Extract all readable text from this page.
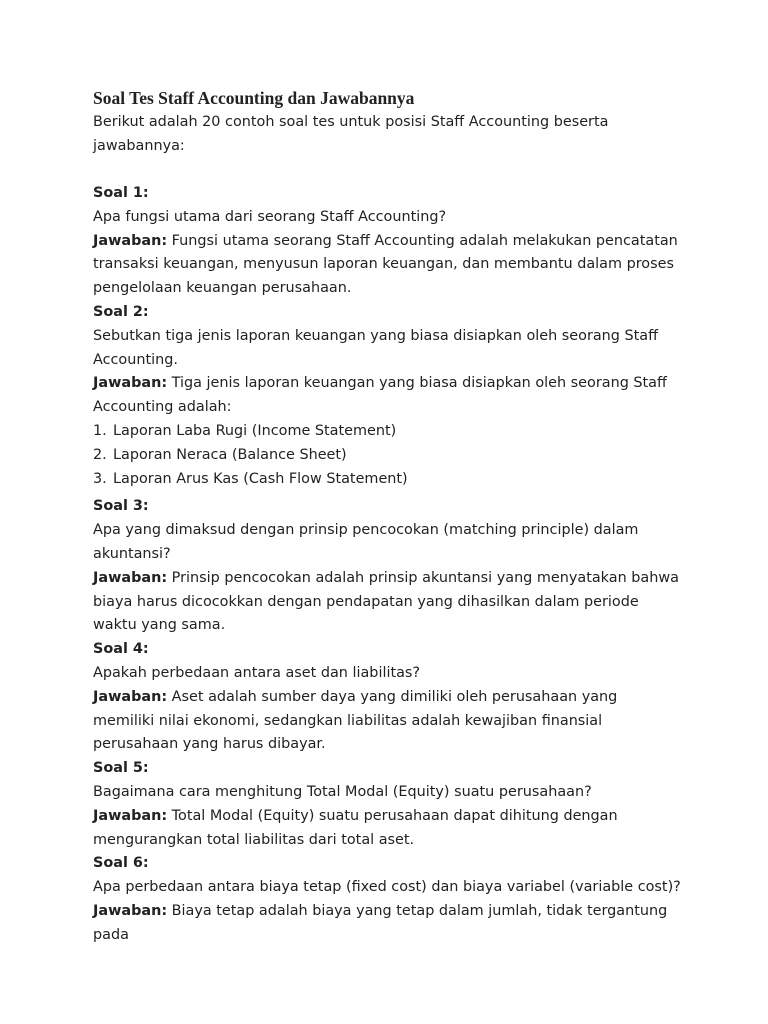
Soal Tes Staff Accounting dan Jawabannya

Berikut adalah 20 contoh soal tes untuk posisi Staff Accounting beserta jawabannya:

Soal 1:

Apa fungsi utama dari seorang Staff Accounting?

Jawaban: Fungsi utama seorang Staff Accounting adalah melakukan pencatatan transaksi keuangan, menyusun laporan keuangan, dan membantu dalam proses pengelolaan keuangan perusahaan.

Soal 2:

Sebutkan tiga jenis laporan keuangan yang biasa disiapkan oleh seorang Staff Accounting.

Jawaban: Tiga jenis laporan keuangan yang biasa disiapkan oleh seorang Staff Accounting adalah:

1. Laporan Laba Rugi (Income Statement)
2. Laporan Neraca (Balance Sheet)
3. Laporan Arus Kas (Cash Flow Statement)

Soal 3:

Apa yang dimaksud dengan prinsip pencocokan (matching principle) dalam akuntansi?

Jawaban: Prinsip pencocokan adalah prinsip akuntansi yang menyatakan bahwa biaya harus dicocokkan dengan pendapatan yang dihasilkan dalam periode waktu yang sama.

Soal 4:

Apakah perbedaan antara aset dan liabilitas?

Jawaban: Aset adalah sumber daya yang dimiliki oleh perusahaan yang memiliki nilai ekonomi, sedangkan liabilitas adalah kewajiban finansial perusahaan yang harus dibayar.

Soal 5:

Bagaimana cara menghitung Total Modal (Equity) suatu perusahaan?

Jawaban: Total Modal (Equity) suatu perusahaan dapat dihitung dengan mengurangkan total liabilitas dari total aset.

Soal 6:

Apa perbedaan antara biaya tetap (fixed cost) dan biaya variabel (variable cost)?

Jawaban: Biaya tetap adalah biaya yang tetap dalam jumlah, tidak tergantung pada
